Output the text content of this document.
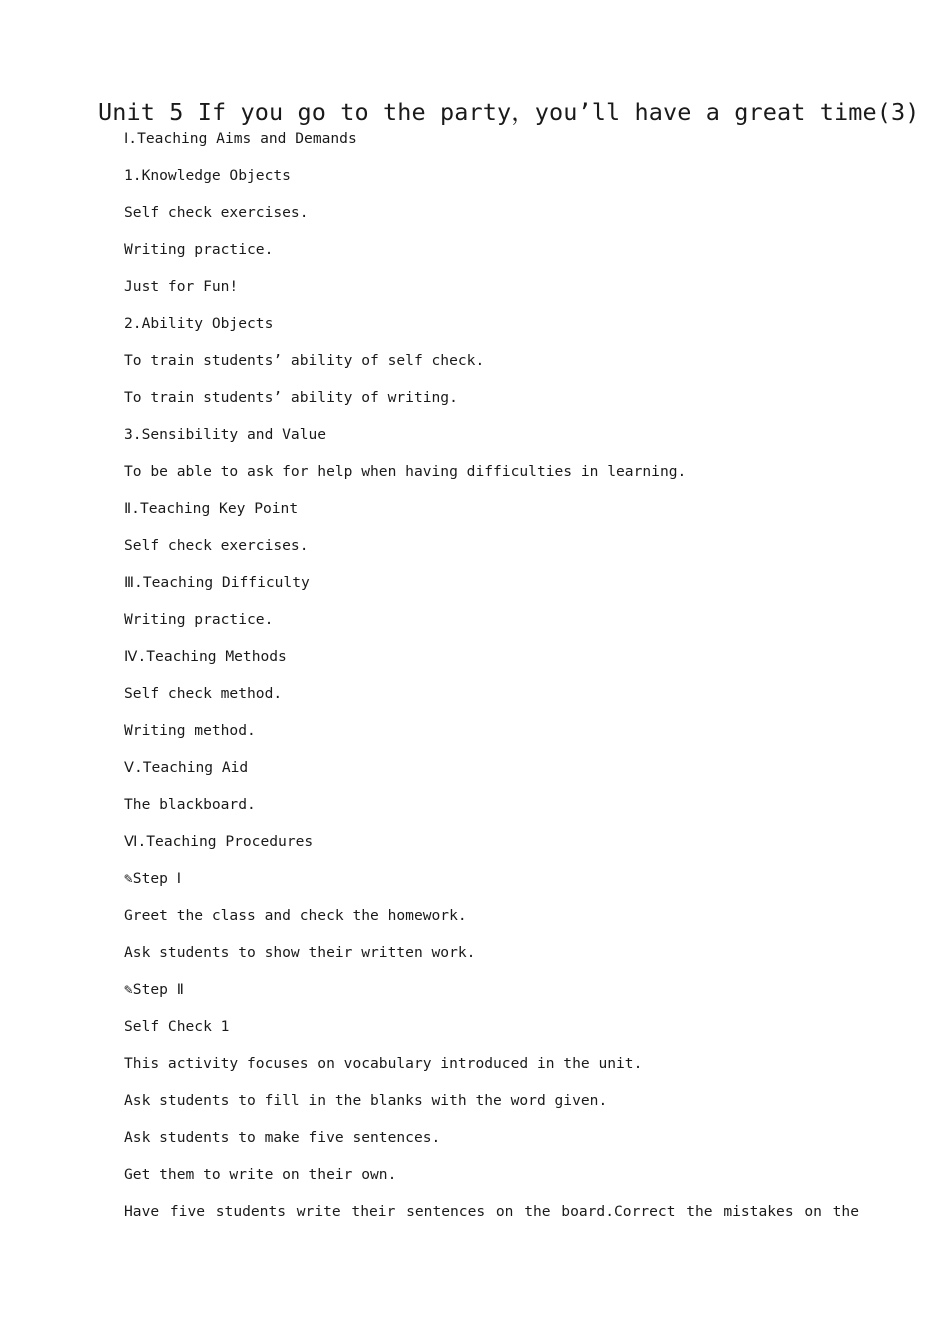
Unit 5 If you go to the party，you’ll have a great time(3)
Ⅰ.Teaching Aims and Demands
1.Knowledge Objects
Self check exercises.
Writing practice.
Just for Fun!
2.Ability Objects
To train students’ ability of self check.
To train students’ ability of writing.
3.Sensibility and Value
To be able to ask for help when having difficulties in learning.
Ⅱ.Teaching Key Point
Self check exercises.
Ⅲ.Teaching Difficulty
Writing practice.
Ⅳ.Teaching Methods
Self check method.
Writing method.
Ⅴ.Teaching Aid
The blackboard.
Ⅵ.Teaching Procedures
✎Step Ⅰ
Greet the class and check the homework.
Ask students to show their written work.
✎Step Ⅱ
Self Check 1
This activity focuses on vocabulary introduced in the unit.
Ask students to fill in the blanks with the word given.
Ask students to make five sentences.
Get them to write on their own.
Have five students write their sentences on the board.Correct the mistakes on the
